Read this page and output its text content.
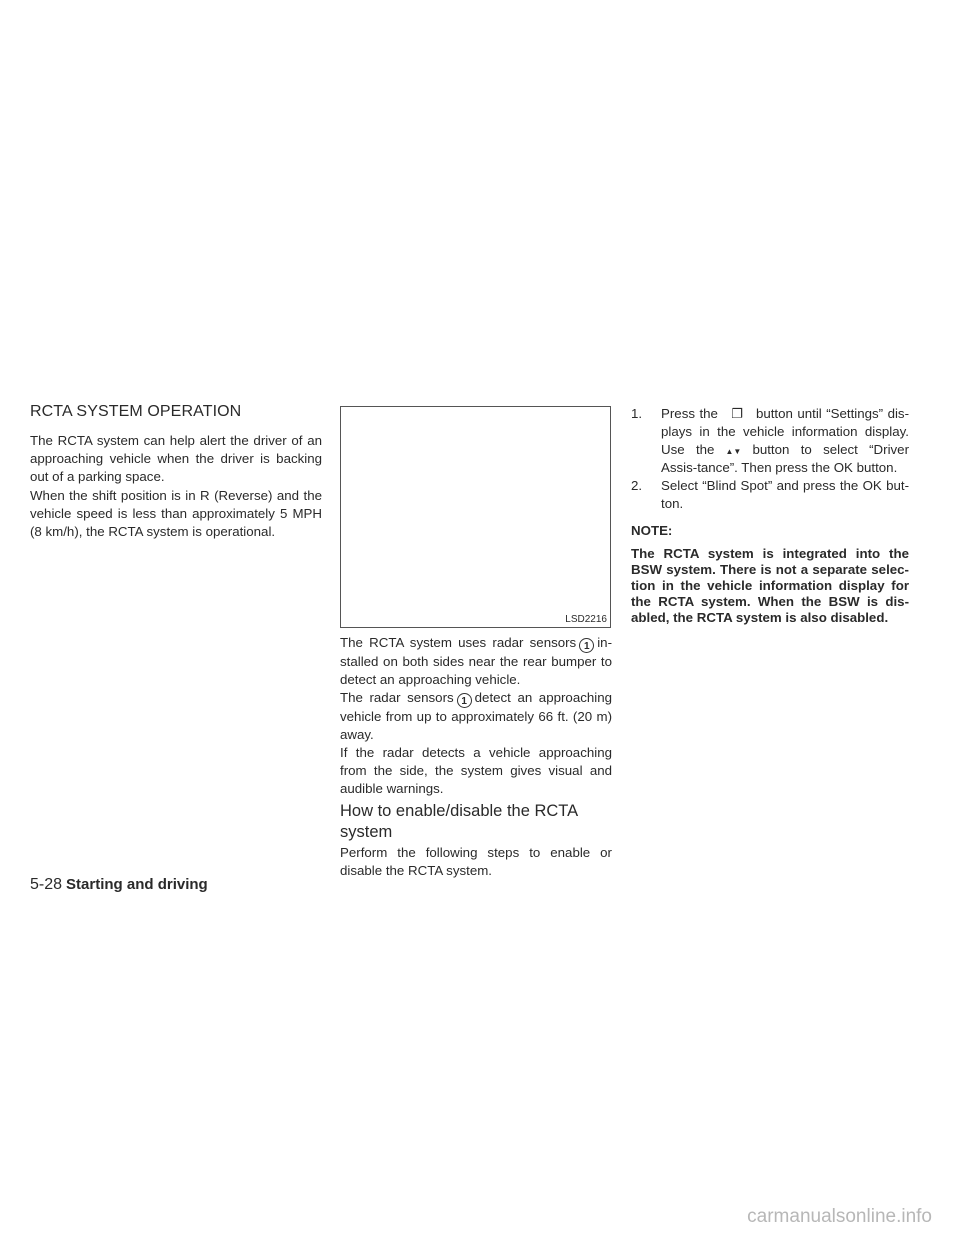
RCTA SYSTEM OPERATION

The RCTA system can help alert the driver of an approaching vehicle when the driver is backing out of a parking space.

When the shift position is in R (Reverse) and the vehicle speed is less than approximately 5 MPH (8 km/h), the RCTA system is operational.

LSD2216

The RCTA system uses radar sensors 1 in-stalled on both sides near the rear bumper to detect an approaching vehicle.

The radar sensors 1 detect an approaching vehicle from up to approximately 66 ft. (20 m) away.

If the radar detects a vehicle approaching from the side, the system gives visual and audible warnings.

How to enable/disable the RCTA system

Perform the following steps to enable or disable the RCTA system.

1. Press the ❐ button until “Settings” dis-plays in the vehicle information display. Use the ▲▼ button to select “Driver Assis-tance”. Then press the OK button.

2. Select “Blind Spot” and press the OK but-ton.

NOTE:

The RCTA system is integrated into the BSW system. There is not a separate selec-tion in the vehicle information display for the RCTA system. When the BSW is dis-abled, the RCTA system is also disabled.

5-28 Starting and driving
carmanualsonline.info
